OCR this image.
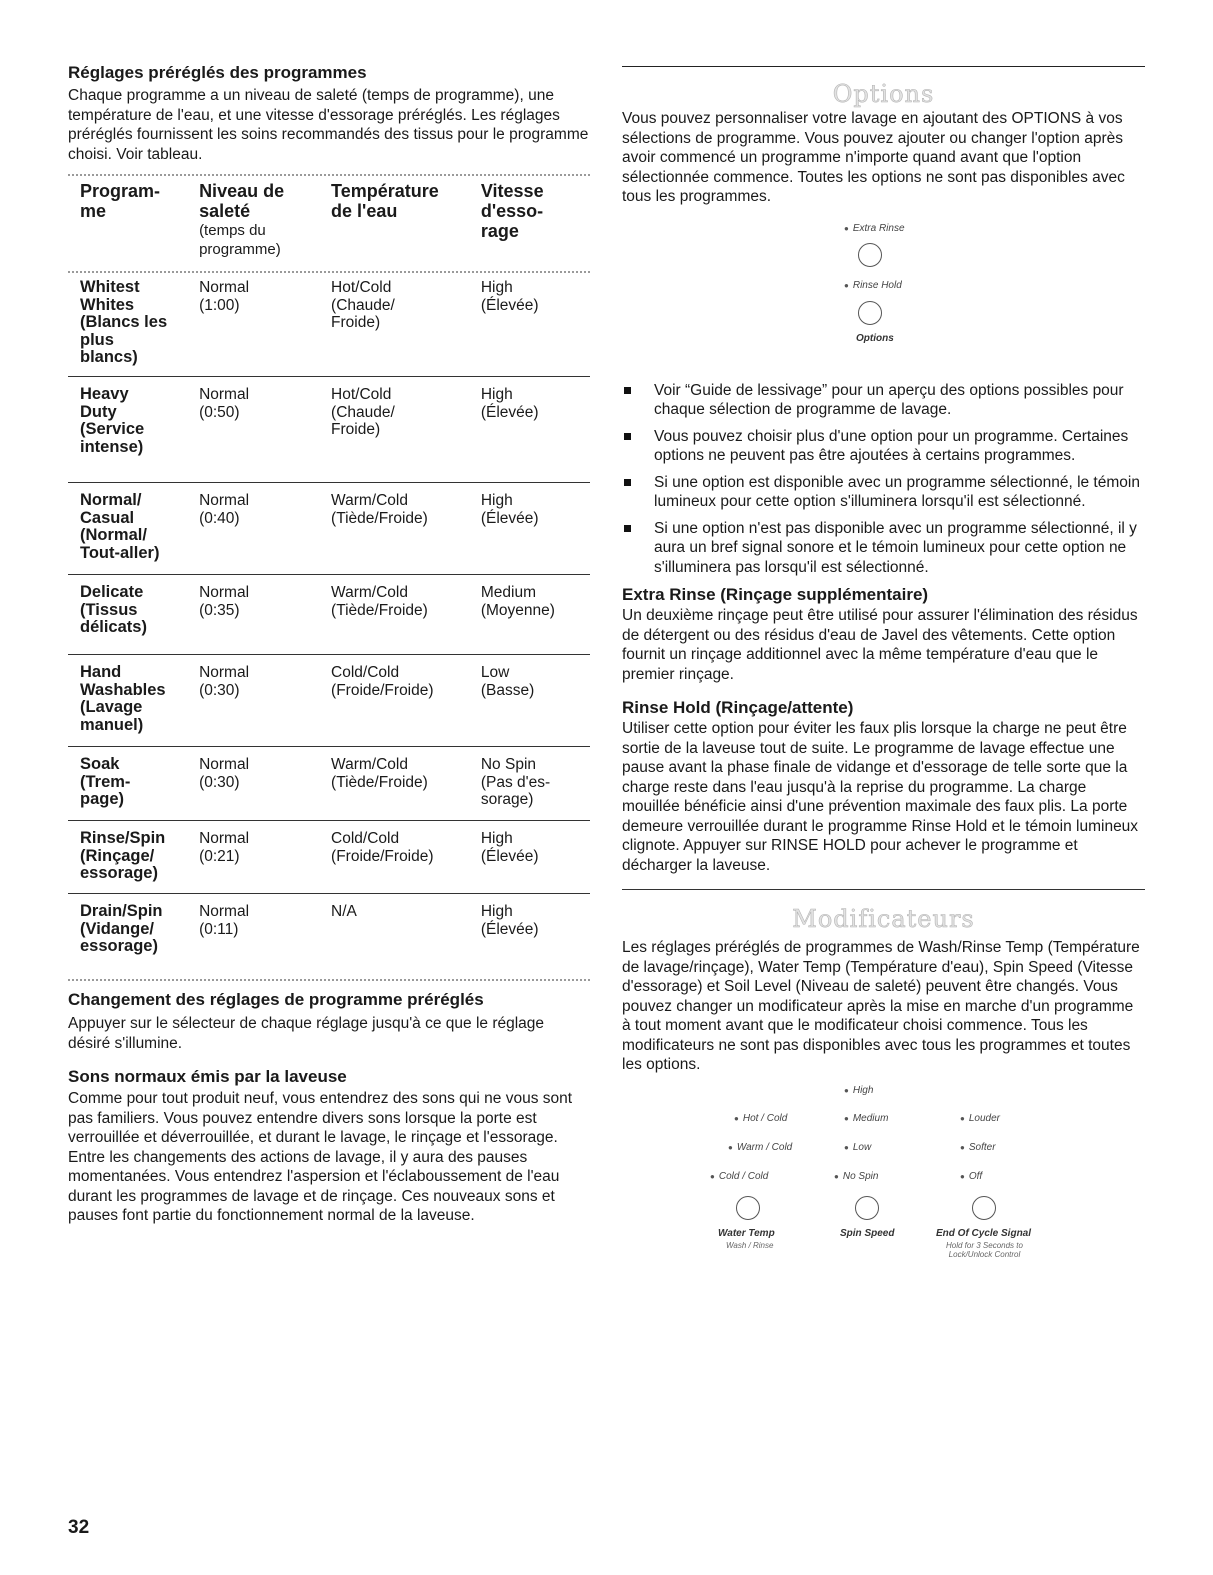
Réglages préréglés des programmes

Chaque programme a un niveau de saleté (temps de programme), une température de l'eau, et une vitesse d'essorage préréglés. Les réglages préréglés fournissent les soins recommandés des tissus pour le programme choisi. Voir tableau.

Program-
me
Niveau de
saleté
(temps du
programme)
Température
de l'eau
Vitesse
d'esso-
rage
Whitest
Whites
(Blancs les
plus
blancs)
Normal
(1:00)
Hot/Cold
(Chaude/
Froide)
High
(Élevée)
Heavy
Duty
(Service
intense)
Normal
(0:50)
Hot/Cold
(Chaude/
Froide)
High
(Élevée)
Normal/
Casual
(Normal/
Tout-aller)
Normal
(0:40)
Warm/Cold
(Tiède/Froide)
High
(Élevée)
Delicate
(Tissus
délicats)
Normal
(0:35)
Warm/Cold
(Tiède/Froide)
Medium
(Moyenne)
Hand
Washables
(Lavage
manuel)
Normal
(0:30)
Cold/Cold
(Froide/Froide)
Low
(Basse)
Soak
(Trem-
page)
Normal
(0:30)
Warm/Cold
(Tiède/Froide)
No Spin
(Pas d'es-
sorage)
Rinse/Spin
(Rinçage/
essorage)
Normal
(0:21)
Cold/Cold
(Froide/Froide)
High
(Élevée)
Drain/Spin
(Vidange/
essorage)
Normal
(0:11)
N/A	High
(Élevée)
Changement des réglages de programme préréglés

Appuyer sur le sélecteur de chaque réglage jusqu'à ce que le réglage désiré s'illumine.

Sons normaux émis par la laveuse

Comme pour tout produit neuf, vous entendrez des sons qui ne vous sont pas familiers. Vous pouvez entendre divers sons lorsque la porte est verrouillée et déverrouillée, et durant le lavage, le rinçage et l'essorage. Entre les changements des actions de lavage, il y aura des pauses momentanées. Vous entendrez l'aspersion et l'éclaboussement de l'eau durant les programmes de lavage et de rinçage. Ces nouveaux sons et pauses font partie du fonctionnement normal de la laveuse.

Options

Vous pouvez personnaliser votre lavage en ajoutant des OPTIONS à vos sélections de programme. Vous pouvez ajouter ou changer l'option après avoir commencé un programme n'importe quand avant que l'option sélectionnée commence. Toutes les options ne sont pas disponibles avec tous les programmes.

● Extra Rinse
● Rinse Hold
Options
Voir “Guide de lessivage” pour un aperçu des options possibles pour chaque sélection de programme de lavage.
Vous pouvez choisir plus d'une option pour un programme. Certaines options ne peuvent pas être ajoutées à certains programmes.
Si une option est disponible avec un programme sélectionné, le témoin lumineux pour cette option s'illuminera lorsqu'il est sélectionné.
Si une option n'est pas disponible avec un programme sélectionné, il y aura un bref signal sonore et le témoin lumineux pour cette option ne s'illuminera pas lorsqu'il est sélectionné.
Extra Rinse (Rinçage supplémentaire)

Un deuxième rinçage peut être utilisé pour assurer l'élimination des résidus de détergent ou des résidus d'eau de Javel des vêtements. Cette option fournit un rinçage additionnel avec la même température d'eau que le premier rinçage.

Rinse Hold (Rinçage/attente)

Utiliser cette option pour éviter les faux plis lorsque la charge ne peut être sortie de la laveuse tout de suite. Le programme de lavage effectue une pause avant la phase finale de vidange et d'essorage de telle sorte que la charge reste dans l'eau jusqu'à la reprise du programme. La charge mouillée bénéficie ainsi d'une prévention maximale des faux plis. La porte demeure verrouillée durant le programme Rinse Hold et le témoin lumineux clignote. Appuyer sur RINSE HOLD pour achever le programme et décharger la laveuse.

Modificateurs

Les réglages préréglés de programmes de Wash/Rinse Temp (Température de lavage/rinçage), Water Temp (Température d'eau), Spin Speed (Vitesse d'essorage) et Soil Level (Niveau de saleté) peuvent être changés. Vous pouvez changer un modificateur après la mise en marche d'un programme à tout moment avant que le modificateur choisi commence. Tous les modificateurs ne sont pas disponibles avec tous les programmes et toutes les options.

● High
● Medium
● Low
● No Spin
● Hot / Cold
● Warm / Cold
● Cold / Cold
● Louder
● Softer
● Off
Water Temp
Wash / Rinse
Spin Speed	End Of Cycle Signal
Hold for 3 Seconds to
Lock/Unlock Control
32
